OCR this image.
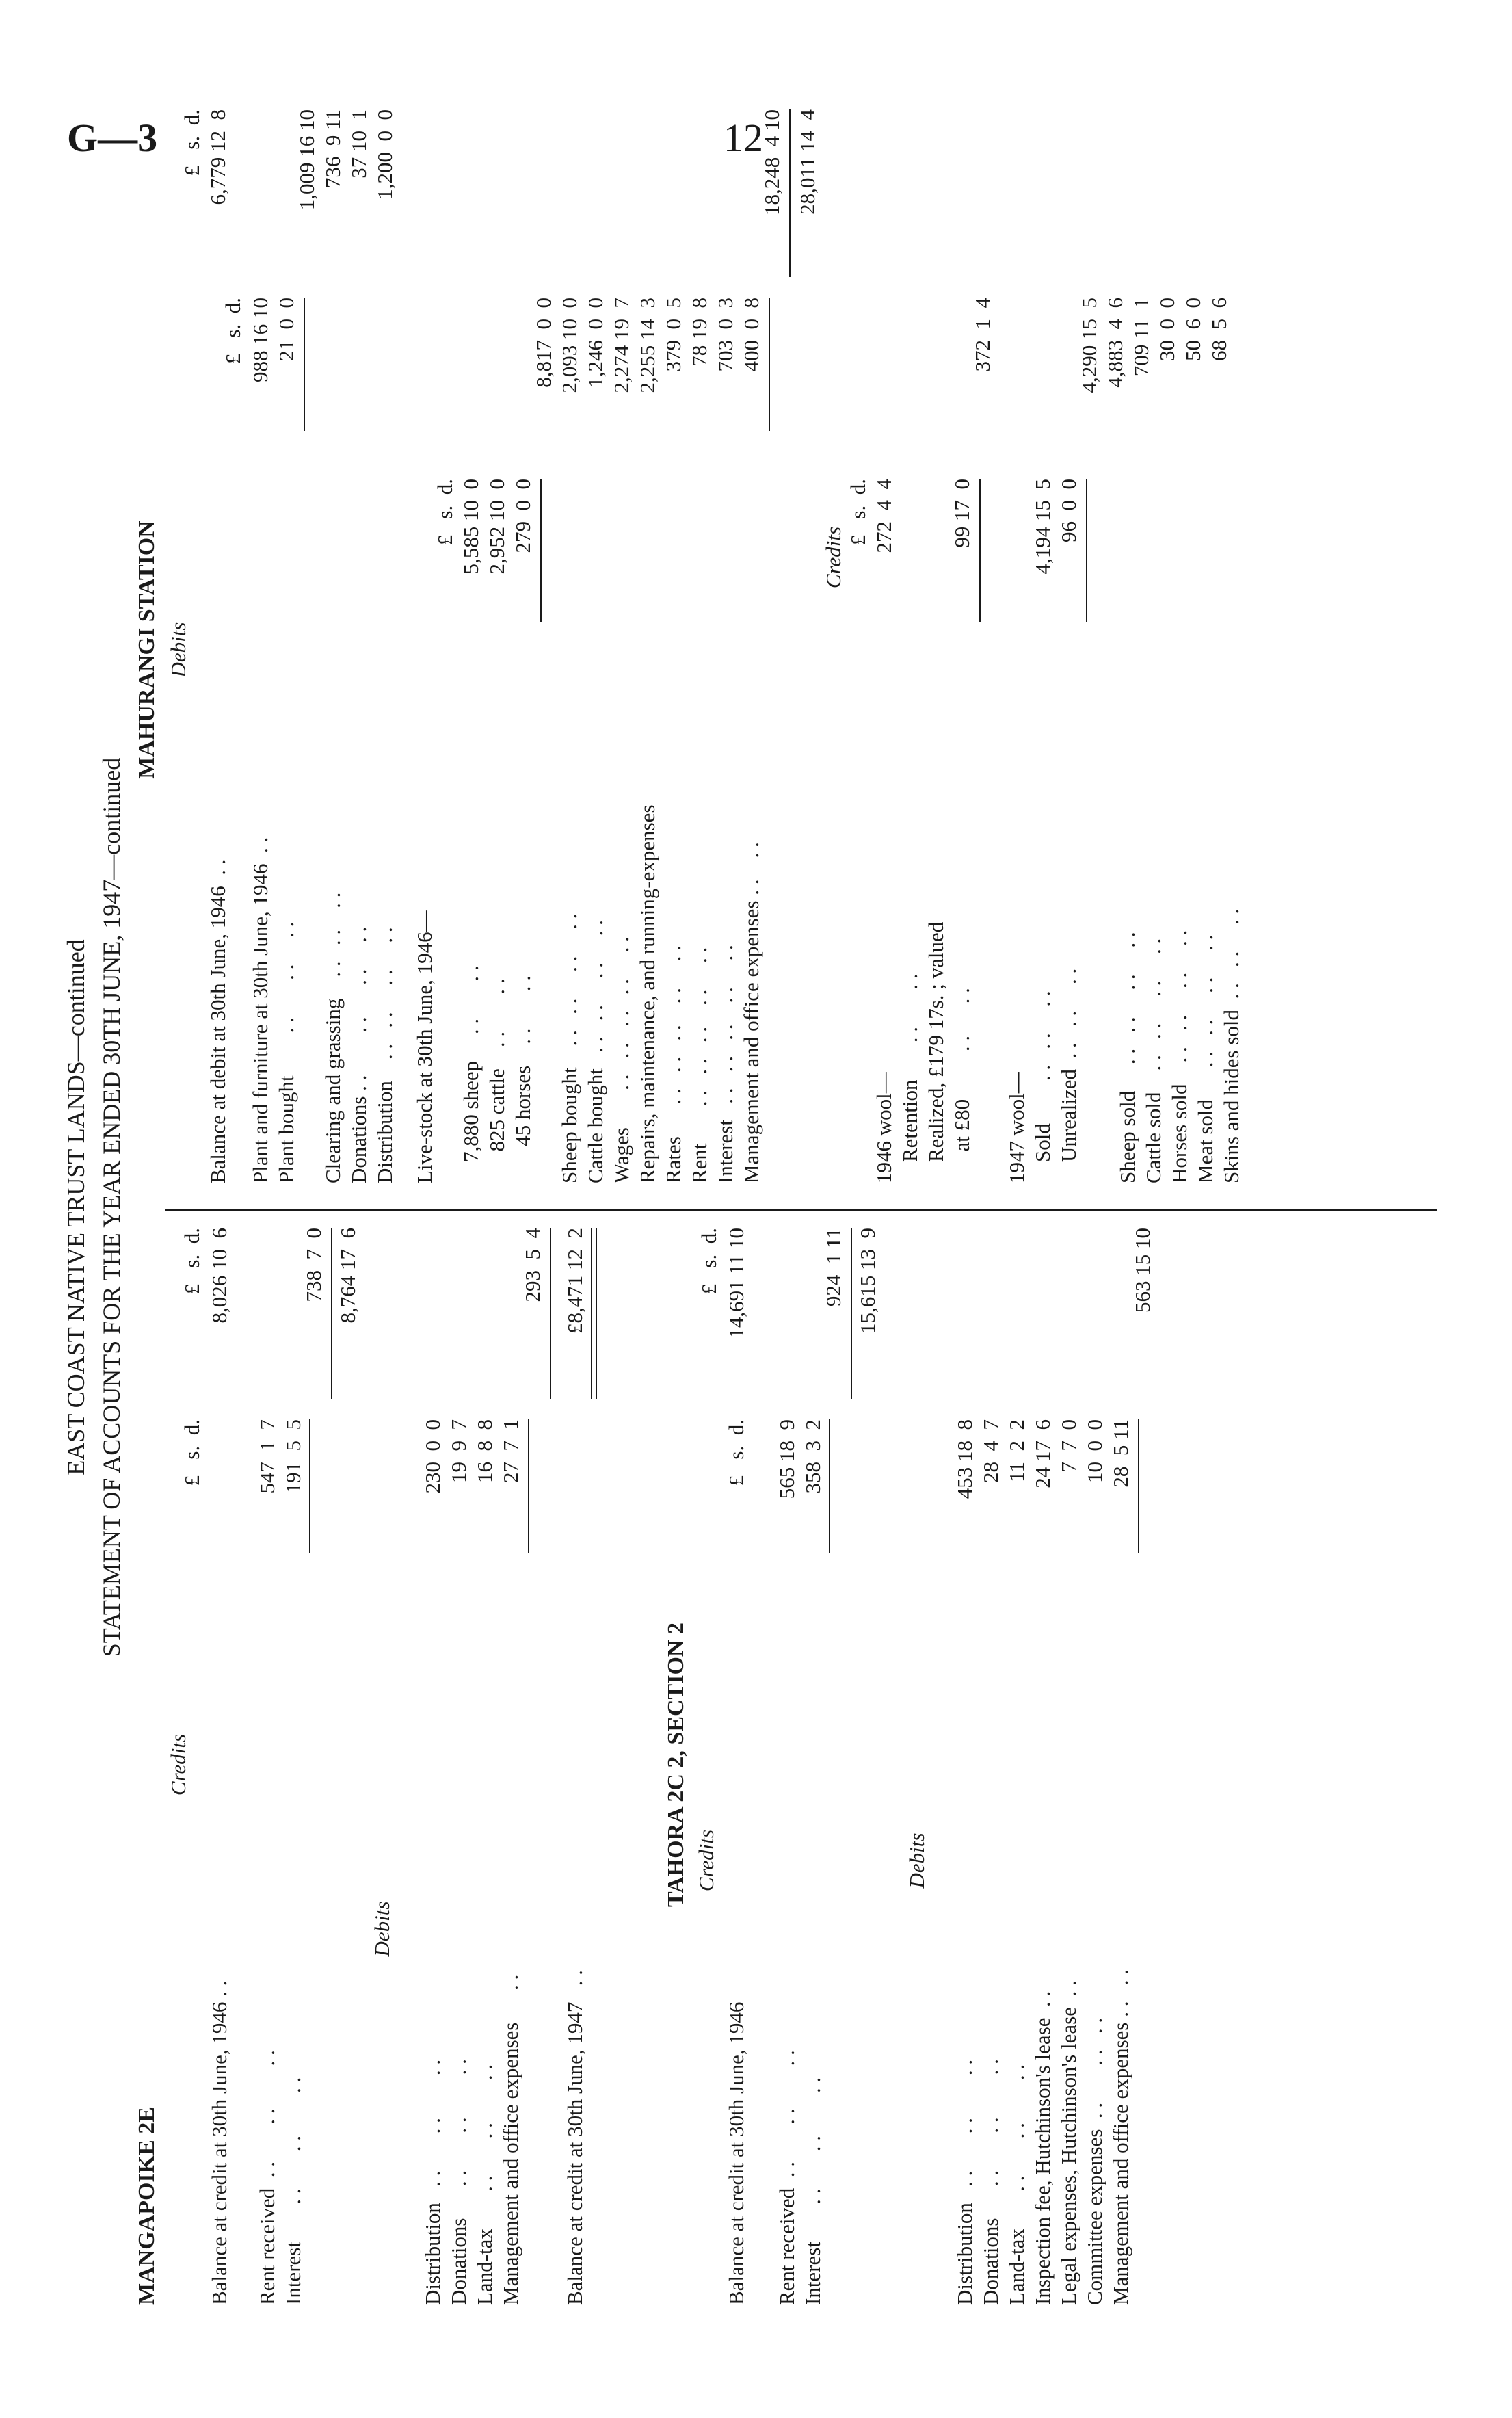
G—3	12
EAST COAST NATIVE TRUST LANDS—continued STATEMENT OF ACCOUNTS FOR THE YEAR ENDED 30TH JUNE, 1947—continued
MANGAPOIKE 2E
Credits
£   s.  d.
£   s.  d.
Balance at credit at 30th June, 1946 . .
8,026 10  6
Rent received  . .       . .        . .
547  1  7
Interest       . .       . .        . .
191  5  5
738  7  0 8,764 17  6
Debits
Distribution   . .       . .        . .
230  0  0
Donations      . .       . .        . .
19  9  7
Land-tax       . .       . .        . .
16  8  8
Management and office expenses      . .
27  7  1
293  5  4
Balance at credit at 30th June, 1947   . .
£8,471 12  2
TAHORA 2C 2, SECTION 2 Credits
£   s.  d.
Balance at credit at 30th June, 1946
£   s.  d.
14,691 11 10
Rent received  . .       . .        . .
565 18  9
Interest       . .       . .        . .
358  3  2
924  1 11 15,615 13  9
Debits
Distribution   . .       . .        . .
453 18  8
Donations      . .       . .        . .
28  4  7
Land-tax       . .       . .        . .
11  2  2
Inspection fee, Hutchinson's lease  . .
24 17  6
Legal expenses, Hutchinson's lease  . .
7  7  0
Committee expenses  . .       . .   . .
10  0  0
Management and office expenses . .   . .
28  5 11
563 15 10
MAHURANGI STATION Debits
£   s.  d.
£   s.  d.
£   s.  d.
Balance at debit at 30th June, 1946  . .
6,779 12  8
Plant and furniture at 30th June, 1946  . .
988 16 10
Plant bought        . .       . .     . .
21  0  0
1,009 16 10
Clearing and grassing    . .   . .    . .
736  9 11
Donations . .        . .      . .     . .
37 10  1
Distribution    . .   . .     . .     . .
1,200  0  0
Live-stock at 30th June, 1946— 7,880 sheep     . .       . .
5,585 10  0
825 cattle    . .       . .
2,952 10  0
45 horses    . .       . .
279  0  0
8,817  0  0
Sheep bought    . .   . .     . .     . .
2,093 10  0
Cattle bought   . .   . .     . .     . .
1,246  0  0
Wages       . .   . .   . .   . .     . .
2,274 19  7
Repairs, maintenance, and running-expenses
2,255 14  3
Rates      . .   . .   . .    . .     . .
379  0  5
Rent       . .   . .   . .    . .     . .
78 19  8
Interest   . .   . .   . .    . .     . .
703  0  3
Management and office expenses . .    . .
400  0  8
18,248  4 10 28,011 14  4
Credits
£   s.  d.
1946 wool— Retention       . .       . .
272  4  4
Realized, £179 17s. ; valued at £80         . .      . .
99 17  0
372  1  4
1947 wool— Sold        . .   . .     . .
4,194 15  5
Unrealized  . .   . .     . .
96  0  0
4,290 15  5
Sheep sold     . .   . .     . .     . .
4,883  4  6
Cattle sold    . .   . .     . .     . .
709 11  1
Horses sold    . .   . .     . .     . .
30  0  0
Meat sold      . .   . .     . .     . .
50  6  0
Skins and hides sold  . .   . .     . .
68  5  6
